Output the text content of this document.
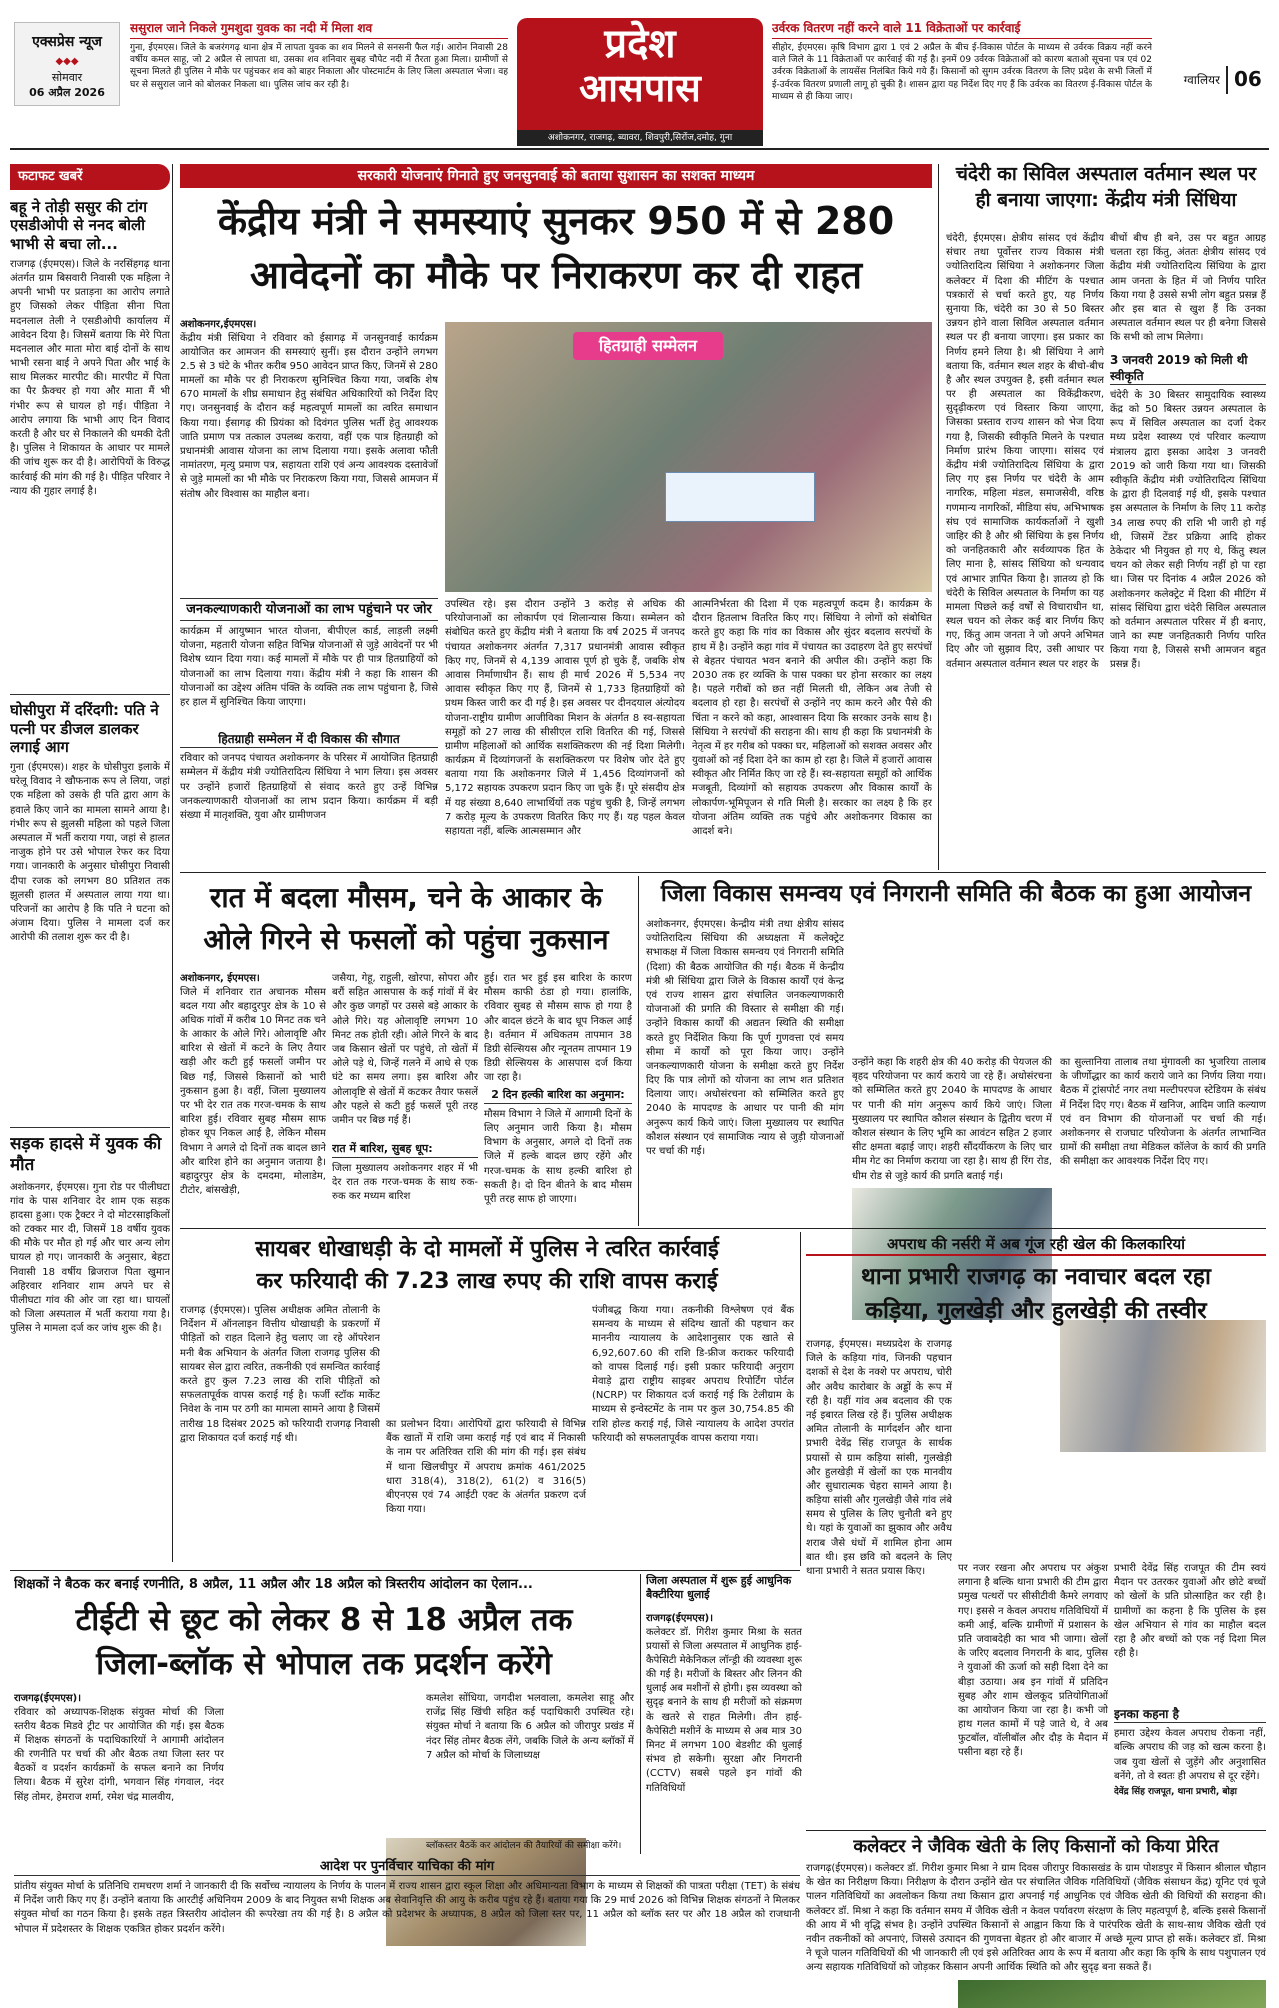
एक्सप्रेस न्यूज
◆◆◆
सोमवार
06 अप्रैल 2026
ससुराल जाने निकले गुमशुदा युवक का नदी में मिला शव
गुना, ईएमएस। जिले के बजरंगगढ़ थाना क्षेत्र में लापता युवक का शव मिलने से सनसनी फैल गई। आरोन निवासी 28 वर्षीय कमल साहू, जो 2 अप्रैल से लापता था, उसका शव शनिवार सुबह चौपेट नदी में तैरता हुआ मिला। ग्रामीणों से सूचना मिलते ही पुलिस ने मौके पर पहुंचकर शव को बाहर निकाला और पोस्टमार्टम के लिए जिला अस्पताल भेजा। वह घर से ससुराल जाने को बोलकर निकला था। पुलिस जांच कर रही है।
प्रदेश
आसपास
अशोकनगर, राजगढ़, ब्यावरा, शिवपुरी,सिरोंज,दमोह, गुना
उर्वरक वितरण नहीं करने वाले 11 विक्रेताओं पर कार्रवाई
सीहोर, ईएमएस। कृषि विभाग द्वारा 1 एवं 2 अप्रैल के बीच ई-विकास पोर्टल के माध्यम से उर्वरक विक्रय नहीं करने वाले जिले के 11 विक्रेताओं पर कार्रवाई की गई है। इनमें 09 उर्वरक विक्रेताओं को कारण बताओ सूचना पत्र एवं 02 उर्वरक विक्रेताओं के लायसेंस निलंबित किये गये हैं। किसानों को सुगम उर्वरक वितरण के लिए प्रदेश के सभी जिलों में ई-उर्वरक वितरण प्रणाली लागू हो चुकी है। शासन द्वारा यह निर्देश दिए गए हैं कि उर्वरक का वितरण ई-विकास पोर्टल के माध्यम से ही किया जाए।
ग्वालियर 06
फटाफट खबरें
बहू ने तोड़ी ससुर की टांग एसडीओपी से ननद बोली भाभी से बचा लो...
राजगढ़ (ईएमएस)। जिले के नरसिंहगढ़ थाना अंतर्गत ग्राम बिसवारी निवासी एक महिला ने अपनी भाभी पर प्रताड़ना का आरोप लगाते हुए जिसको लेकर पीड़िता सीना पिता मदनलाल तेली ने एसडीओपी कार्यालय में आवेदन दिया है। जिसमें बताया कि मेरे पिता मदनलाल और माता मोरा बाई दोनों के साथ भाभी रसना बाई ने अपने पिता और भाई के साथ मिलकर मारपीट की। मारपीट में पिता का पैर फ्रैक्चर हो गया और माता मैं भी गंभीर रूप से घायल हो गई। पीड़िता ने आरोप लगाया कि भाभी आए दिन विवाद करती है और घर से निकालने की धमकी देती है। पुलिस ने शिकायत के आधार पर मामले की जांच शुरू कर दी है। आरोपियों के विरुद्ध कार्रवाई की मांग की गई है। पीड़ित परिवार ने न्याय की गुहार लगाई है।
घोसीपुरा में दरिंदगी: पति ने पत्नी पर डीजल डालकर लगाई आग
गुना (ईएमएस)। शहर के घोसीपुरा इलाके में घरेलू विवाद ने खौफनाक रूप ले लिया, जहां एक महिला को उसके ही पति द्वारा आग के हवाले किए जाने का मामला सामने आया है। गंभीर रूप से झुलसी महिला को पहले जिला अस्पताल में भर्ती कराया गया, जहां से हालत नाजुक होने पर उसे भोपाल रेफर कर दिया गया। जानकारी के अनुसार घोसीपुरा निवासी दीपा रजक को लगभग 80 प्रतिशत तक झुलसी हालत में अस्पताल लाया गया था। परिजनों का आरोप है कि पति ने घटना को अंजाम दिया। पुलिस ने मामला दर्ज कर आरोपी की तलाश शुरू कर दी है।
सड़क हादसे में युवक की मौत
अशोकनगर, ईएमएस। गुना रोड पर पीलीघटा गांव के पास शनिवार देर शाम एक सड़क हादसा हुआ। एक ट्रैक्टर ने दो मोटरसाइकिलों को टक्कर मार दी, जिसमें 18 वर्षीय युवक की मौके पर मौत हो गई और चार अन्य लोग घायल हो गए। जानकारी के अनुसार, बेहटा निवासी 18 वर्षीय ब्रिजराज पिता खुमान अहिरवार शनिवार शाम अपने घर से पीलीघटा गांव की ओर जा रहा था। घायलों को जिला अस्पताल में भर्ती कराया गया है। पुलिस ने मामला दर्ज कर जांच शुरू की है।
सरकारी योजनाएं गिनाते हुए जनसुनवाई को बताया सुशासन का सशक्त माध्यम
केंद्रीय मंत्री ने समस्याएं सुनकर 950 में से 280
आवेदनों का मौके पर निराकरण कर दी राहत
अशोकनगर,ईएमएस।
केंद्रीय मंत्री सिंधिया ने रविवार को ईसागढ़ में जनसुनवाई कार्यक्रम आयोजित कर आमजन की समस्याएं सुनीं। इस दौरान उन्होंने लगभग 2.5 से 3 घंटे के भीतर करीब 950 आवेदन प्राप्त किए, जिनमें से 280 मामलों का मौके पर ही निराकरण सुनिश्चित किया गया, जबकि शेष 670 मामलों के शीघ्र समाधान हेतु संबंधित अधिकारियों को निर्देश दिए गए। जनसुनवाई के दौरान कई महत्वपूर्ण मामलों का त्वरित समाधान किया गया। ईसागढ़ की प्रियंका को दिवंगत पुलिस भर्ती हेतु आवश्यक जाति प्रमाण पत्र तत्काल उपलब्ध कराया, वहीं एक पात्र हितग्राही को प्रधानमंत्री आवास योजना का लाभ दिलाया गया। इसके अलावा फौती नामांतरण, मृत्यु प्रमाण पत्र, सहायता राशि एवं अन्य आवश्यक दस्तावेजों से जुड़े मामलों का भी मौके पर निराकरण किया गया, जिससे आमजन में संतोष और विश्वास का माहौल बना।
जनकल्याणकारी योजनाओं का लाभ पहुंचाने पर जोर
कार्यक्रम में आयुष्मान भारत योजना, बीपीएल कार्ड, लाड़ली लक्ष्मी योजना, महतारी योजना सहित विभिन्न योजनाओं से जुड़े आवेदनों पर भी विशेष ध्यान दिया गया। कई मामलों में मौके पर ही पात्र हितग्राहियों को योजनाओं का लाभ दिलाया गया। केंद्रीय मंत्री ने कहा कि शासन की योजनाओं का उद्देश्य अंतिम पंक्ति के व्यक्ति तक लाभ पहुंचाना है, जिसे हर हाल में सुनिश्चित किया जाएगा।
हितग्राही सम्मेलन में दी विकास की सौगात
रविवार को जनपद पंचायत अशोकनगर के परिसर में आयोजित हितग्राही सम्मेलन में केंद्रीय मंत्री ज्योतिरादित्य सिंधिया ने भाग लिया। इस अवसर पर उन्होंने हजारों हितग्राहियों से संवाद करते हुए उन्हें विभिन्न जनकल्याणकारी योजनाओं का लाभ प्रदान किया। कार्यक्रम में बड़ी संख्या में मातृशक्ति, युवा और ग्रामीणजन
हितग्राही सम्मेलन
उपस्थित रहे। इस दौरान उन्होंने 3 करोड़ से अधिक की परियोजनाओं का लोकार्पण एवं शिलान्यास किया। सम्मेलन को संबोधित करते हुए केंद्रीय मंत्री ने बताया कि वर्ष 2025 में जनपद पंचायत अशोकनगर अंतर्गत 7,317 प्रधानमंत्री आवास स्वीकृत किए गए, जिनमें से 4,139 आवास पूर्ण हो चुके हैं, जबकि शेष आवास निर्माणाधीन हैं। साथ ही मार्च 2026 में 5,534 नए आवास स्वीकृत किए गए हैं, जिनमें से 1,733 हितग्राहियों को प्रथम किस्त जारी कर दी गई है। इस अवसर पर दीनदयाल अंत्योदय योजना-राष्ट्रीय ग्रामीण आजीविका मिशन के अंतर्गत 8 स्व-सहायता समूहों को 27 लाख की सीसीएल राशि वितरित की गई, जिससे ग्रामीण महिलाओं को आर्थिक सशक्तिकरण की नई दिशा मिलेगी। कार्यक्रम में दिव्यांगजनों के सशक्तिकरण पर विशेष जोर देते हुए बताया गया कि अशोकनगर जिले में 1,456 दिव्यांगजनों को 5,172 सहायक उपकरण प्रदान किए जा चुके हैं। पूरे संसदीय क्षेत्र में यह संख्या 8,640 लाभार्थियों तक पहुंच चुकी है, जिन्हें लगभग 7 करोड़ मूल्य के उपकरण वितरित किए गए हैं। यह पहल केवल सहायता नहीं, बल्कि आत्मसम्मान और
आत्मनिर्भरता की दिशा में एक महत्वपूर्ण कदम है। कार्यक्रम के दौरान हितलाभ वितरित किए गए। सिंधिया ने लोगों को संबोधित करते हुए कहा कि गांव का विकास और सुंदर बदलाव सरपंचों के हाथ में है। उन्होंने कहा गांव में पंचायत का उदाहरण देते हुए सरपंचों से बेहतर पंचायत भवन बनाने की अपील की। उन्होंने कहा कि 2030 तक हर व्यक्ति के पास पक्का घर होना सरकार का लक्ष्य है। पहले गरीबों को छत नहीं मिलती थी, लेकिन अब तेजी से बदलाव हो रहा है। सरपंचों से उन्होंने नए काम करने और पैसे की चिंता न करने को कहा, आश्वासन दिया कि सरकार उनके साथ है। सिंधिया ने सरपंचों की सराहना की। साथ ही कहा कि प्रधानमंत्री के नेतृत्व में हर गरीब को पक्का घर, महिलाओं को सशक्त अवसर और युवाओं को नई दिशा देने का काम हो रहा है। जिले में हजारों आवास स्वीकृत और निर्मित किए जा रहे हैं। स्व-सहायता समूहों को आर्थिक मजबूती, दिव्यांगों को सहायक उपकरण और विकास कार्यों के लोकार्पण-भूमिपूजन से गति मिली है। सरकार का लक्ष्य है कि हर योजना अंतिम व्यक्ति तक पहुंचे और अशोकनगर विकास का आदर्श बने।
चंदेरी का सिविल अस्पताल वर्तमान स्थल पर ही बनाया जाएगा: केंद्रीय मंत्री सिंधिया
चंदेरी, ईएमएस। क्षेत्रीय सांसद एवं केंद्रीय संचार तथा पूर्वोत्तर राज्य विकास मंत्री ज्योतिरादित्य सिंधिया ने अशोकनगर जिला कलेक्टर में दिशा की मीटिंग के पश्चात पत्रकारों से चर्चा करते हुए, यह निर्णय सुनाया कि, चंदेरी का 30 से 50 बिस्तर उन्नयन होने वाला सिविल अस्पताल वर्तमान स्थल पर ही बनाया जाएगा। इस प्रकार का निर्णय हमने लिया है। श्री सिंधिया ने आगे बताया कि, वर्तमान स्थल शहर के बीचो-बीच है और स्थल उपयुक्त है, इसी वर्तमान स्थल पर ही अस्पताल का विकेंद्रीकरण, सुदृढ़ीकरण एवं विस्तार किया जाएगा, जिसका प्रस्ताव राज्य शासन को भेज दिया गया है, जिसकी स्वीकृति मिलने के पश्चात निर्माण प्रारंभ किया जाएगा। सांसद एवं केंद्रीय मंत्री ज्योतिरादित्य सिंधिया के द्वारा लिए गए इस निर्णय पर चंदेरी के आम नागरिक, महिला मंडल, समाजसेवी, वरिष्ठ गणमान्य नागरिकों, मीडिया संघ, अभिभाषक संघ एवं सामाजिक कार्यकर्ताओं ने खुशी जाहिर की है और श्री सिंधिया के इस निर्णय को जनहितकारी और सर्वव्यापक हित के लिए माना है, सांसद सिंधिया को धन्यवाद एवं आभार ज्ञापित किया है। ज्ञातव्य हो कि चंदेरी के सिविल अस्पताल के निर्माण का यह मामला पिछले कई वर्षों से विचाराधीन था, स्थल चयन को लेकर कई बार निर्णय किए गए, किंतु आम जनता ने जो अपने अभिमत दिए और जो सुझाव दिए, उसी आधार पर वर्तमान अस्पताल वर्तमान स्थल पर शहर के
बीचों बीच ही बने, उस पर बहुत आग्रह चलता रहा किंतु, अंततः क्षेत्रीय सांसद एवं केंद्रीय मंत्री ज्योतिरादित्य सिंधिया के द्वारा आम जनता के हित में जो निर्णय पारित किया गया है उससे सभी लोग बहुत प्रसन्न हैं और इस बात से खुश हैं कि उनका अस्पताल वर्तमान स्थल पर ही बनेगा जिससे कि सभी को लाभ मिलेगा।
3 जनवरी 2019 को मिली थी स्वीकृति
चंदेरी के 30 बिस्तर सामुदायिक स्वास्थ्य केंद्र को 50 बिस्तर उन्नयन अस्पताल के रूप में सिविल अस्पताल का दर्जा देकर मध्य प्रदेश स्वास्थ्य एवं परिवार कल्याण मंत्रालय द्वारा इसका आदेश 3 जनवरी 2019 को जारी किया गया था। जिसकी स्वीकृति केंद्रीय मंत्री ज्योतिरादित्य सिंधिया के द्वारा ही दिलवाई गई थी, इसके पश्चात इस अस्पताल के निर्माण के लिए 11 करोड़ 34 लाख रुपए की राशि भी जारी हो गई थी, जिसमें टेंडर प्रक्रिया आदि होकर ठेकेदार भी नियुक्त हो गए थे, किंतु स्थल चयन को लेकर सही निर्णय नहीं हो पा रहा था। जिस पर दिनांक 4 अप्रैल 2026 को अशोकनगर कलेक्ट्रेट में दिशा की मीटिंग में सांसद सिंधिया द्वारा चंदेरी सिविल अस्पताल को वर्तमान अस्पताल परिसर में ही बनाए, जाने का स्पष्ट जनहितकारी निर्णय पारित किया गया है, जिससे सभी आमजन बहुत प्रसन्न हैं।
रात में बदला मौसम, चने के आकार के
ओले गिरने से फसलों को पहुंचा नुकसान
अशोकनगर, ईएमएस।
जिले में शनिवार रात अचानक मौसम बदल गया और बहादुरपुर क्षेत्र के 10 से अधिक गांवों में करीब 10 मिनट तक चने के आकार के ओले गिरे। ओलावृष्टि और बारिश से खेतों में कटने के लिए तैयार खड़ी और कटी हुई फसलों जमीन पर बिछ गईं, जिससे किसानों को भारी नुकसान हुआ है। वहीं, जिला मुख्यालय पर भी देर रात तक गरज-चमक के साथ बारिश हुई। रविवार सुबह मौसम साफ होकर धूप निकल आई है, लेकिन मौसम विभाग ने अगले दो दिनों तक बादल छाने और बारिश होने का अनुमान जताया है। बहादुरपुर क्षेत्र के दमदमा, मोलाडेम, टीटोर, बांसखेड़ी,
जसैया, गेहू, राहुली, खोरपा, सोपरा और बरौं सहित आसपास के कई गांवों में बेर और कुछ जगहों पर उससे बड़े आकार के ओले गिरे। यह ओलावृष्टि लगभग 10 मिनट तक होती रही। ओले गिरने के बाद जब किसान खेतों पर पहुंचे, तो खेतों में ओले पड़े थे, जिन्हें गलने में आधे से एक घंटे का समय लगा। इस बारिश और ओलावृष्टि से खेतों में कटकर तैयार फसलें और पहले से कटी हुई फसलें पूरी तरह जमीन पर बिछ गई हैं।
रात में बारिश, सुबह धूप:
जिला मुख्यालय अशोकनगर शहर में भी देर रात तक गरज-चमक के साथ रुक-रुक कर मध्यम बारिश
हुई। रात भर हुई इस बारिश के कारण मौसम काफी ठंडा हो गया। हालांकि, रविवार सुबह से मौसम साफ हो गया है और बादल छंटने के बाद धूप निकल आई है। वर्तमान में अधिकतम तापमान 38 डिग्री सेल्सियस और न्यूनतम तापमान 19 डिग्री सेल्सियस के आसपास दर्ज किया जा रहा है।
2 दिन हल्की बारिश का अनुमान:
मौसम विभाग ने जिले में आगामी दिनों के लिए अनुमान जारी किया है। मौसम विभाग के अनुसार, अगले दो दिनों तक जिले में हल्के बादल छाए रहेंगे और गरज-चमक के साथ हल्की बारिश हो सकती है। दो दिन बीतने के बाद मौसम पूरी तरह साफ हो जाएगा।
जिला विकास समन्वय एवं निगरानी समिति की बैठक का हुआ आयोजन
अशोकनगर, ईएमएस। केन्द्रीय मंत्री तथा क्षेत्रीय सांसद ज्योतिरादित्य सिंधिया की अध्यक्षता में कलेक्ट्रेट सभाकक्ष में जिला विकास समन्वय एवं निगरानी समिति (दिशा) की बैठक आयोजित की गई। बैठक में केन्द्रीय मंत्री श्री सिंधिया द्वारा जिले के विकास कार्यों एवं केन्द्र एवं राज्य शासन द्वारा संचालित जनकल्याणकारी योजनाओं की प्रगति की विस्तार से समीक्षा की गई। उन्होंने विकास कार्यों की अद्यतन स्थिति की समीक्षा करते हुए निर्देशित किया कि पूर्ण गुणवत्ता एवं समय सीमा में कार्यों को पूरा किया जाए। उन्होंने जनकल्याणकारी योजना के समीक्षा करते हुए निर्देश दिए कि पात्र लोगों को योजना का लाभ शत प्रतिशत दिलाया जाए। अधोसंरचना को सम्मिलित करते हुए 2040 के मापदण्ड के आधार पर पानी की मांग अनुरूप कार्य किये जाएं। जिला मुख्यालय पर स्थापित कौशल संस्थान एवं सामाजिक न्याय से जुड़ी योजनाओं पर चर्चा की गई।
उन्होंने कहा कि शहरी क्षेत्र की 40 करोड़ की पेयजल की बृहद परियोजना पर कार्य कराये जा रहे हैं। अधोसंरचना को सम्मिलित करते हुए 2040 के मापदण्ड के आधार पर पानी की मांग अनुरूप कार्य किये जाएं। जिला मुख्यालय पर स्थापित कौशल संस्थान के द्वितीय चरण में कौशल संस्थान के लिए भूमि का आवंटन सहित 2 हजार सीट क्षमता बढ़ाई जाए। शहरी सौंदर्यीकरण के लिए चार मीम गेट का निर्माण कराया जा रहा है। साथ ही रिंग रोड, धीम रोड से जुड़े कार्य की प्रगति बताई गई।
का सुल्तानिया तालाब तथा मुंगावली का भुजरिया तालाब के जीर्णोद्धार का कार्य कराये जाने का निर्णय लिया गया। बैठक में ट्रांसपोर्ट नगर तथा मल्टीपरपज स्टेडियम के संबंध में निर्देश दिए गए। बैठक में खनिज, आदिम जाति कल्याण एवं वन विभाग की योजनाओं पर चर्चा की गई। अशोकनगर से राजघाट परियोजना के अंतर्गत लाभान्वित ग्रामों की समीक्षा तथा मेडिकल कॉलेज के कार्य की प्रगति की समीक्षा कर आवश्यक निर्देश दिए गए।
सायबर धोखाधड़ी के दो मामलों में पुलिस ने त्वरित कार्रवाई
कर फरियादी की 7.23 लाख रुपए की राशि वापस कराई
राजगढ़ (ईएमएस)। पुलिस अधीक्षक अमित तोलानी के निर्देशन में ऑनलाइन वित्तीय धोखाधड़ी के प्रकरणों में पीड़ितों को राहत दिलाने हेतु चलाए जा रहे ऑपरेशन मनी बैक अभियान के अंतर्गत जिला राजगढ़ पुलिस की सायबर सेल द्वारा त्वरित, तकनीकी एवं समन्वित कार्रवाई करते हुए कुल 7.23 लाख की राशि पीड़ितों को सफलतापूर्वक वापस कराई गई है। फर्जी स्टॉक मार्केट निवेश के नाम पर ठगी का मामला सामने आया है जिसमें तारीख 18 दिसंबर 2025 को फरियादी राजगढ़ निवासी द्वारा शिकायत दर्ज कराई गई थी।
का प्रलोभन दिया। आरोपियों द्वारा फरियादी से विभिन्न बैंक खातों में राशि जमा कराई गई एवं बाद में निकासी के नाम पर अतिरिक्त राशि की मांग की गई। इस संबंध में थाना खिलचीपुर में अपराध क्रमांक 461/2025 धारा 318(4), 318(2), 61(2) व 316(5) बीएनएस एवं 74 आईटी एक्ट के अंतर्गत प्रकरण दर्ज किया गया।
पंजीबद्ध किया गया। तकनीकी विश्लेषण एवं बैंक समन्वय के माध्यम से संदिग्ध खातों की पहचान कर माननीय न्यायालय के आदेशानुसार एक खाते से 6,92,607.60 की राशि डि-फ्रीज कराकर फरियादी को वापस दिलाई गई। इसी प्रकार फरियादी अनुराग मेवाड़े द्वारा राष्ट्रीय साइबर अपराध रिपोर्टिंग पोर्टल (NCRP) पर शिकायत दर्ज कराई गई कि टेलीग्राम के माध्यम से इन्वेस्टमेंट के नाम पर कुल 30,754.85 की राशि होल्ड कराई गई, जिसे न्यायालय के आदेश उपरांत फरियादी को सफलतापूर्वक वापस कराया गया।
अपराध की नर्सरी में अब गूंज रही खेल की किलकारियां
थाना प्रभारी राजगढ़ का नवाचार बदल रहा
कड़िया, गुलखेड़ी और हुलखेड़ी की तस्वीर
राजगढ़, ईएमएस। मध्यप्रदेश के राजगढ़ जिले के कड़िया गांव, जिनकी पहचान दशकों से देश के नक्शे पर अपराध, चोरी और अवैध कारोबार के अड्डों के रूप में रही है। यहीं गांव अब बदलाव की एक नई इबारत लिख रहे हैं। पुलिस अधीक्षक अमित तोलानी के मार्गदर्शन और थाना प्रभारी देवेंद्र सिंह राजपूत के सार्थक प्रयासों से ग्राम कड़िया सांसी, गुलखेड़ी और हुलखेड़ी में खेलों का एक मानवीय और सुधारात्मक चेहरा सामने आया है। कड़िया सांसी और गुलखेड़ी जैसे गांव लंबे समय से पुलिस के लिए चुनौती बने हुए थे। यहां के युवाओं का झुकाव और अवैध शराब जैसे धंधों में शामिल होना आम बात थी। इस छवि को बदलने के लिए थाना प्रभारी ने सतत प्रयास किए।	पर नजर रखना और अपराध पर अंकुश लगाना है बल्कि थाना प्रभारी की टीम द्वारा प्रमुख पत्थरों पर सीसीटीवी कैमरे लगवाए गए। इससे न केवल अपराध गतिविधियों में कमी आई, बल्कि ग्रामीणों में प्रशासन के प्रति जवाबदेही का भाव भी जागा। खेलों के जरिए बदलाव निगरानी के बाद, पुलिस ने युवाओं की ऊर्जा को सही दिशा देने का बीड़ा उठाया। अब इन गांवों में प्रतिदिन सुबह और शाम खेलकूद प्रतियोगिताओं का आयोजन किया जा रहा है। कभी जो हाथ गलत कामों में पड़े जाते थे, वे अब फुटबॉल, वॉलीबॉल और दौड़ के मैदान में पसीना बहा रहे हैं।
प्रभारी देवेंद्र सिंह राजपूत की टीम स्वयं मैदान पर उतरकर युवाओं और छोटे बच्चों को खेलों के प्रति प्रोत्साहित कर रही है। ग्रामीणों का कहना है कि पुलिस के इस खेल अभियान से गांव का माहौल बदल रहा है और बच्चों को एक नई दिशा मिल रही है।
इनका कहना है
हमारा उद्देश्य केवल अपराध रोकना नहीं, बल्कि अपराध की जड़ को खत्म करना है। जब युवा खेलों से जुड़ेंगे और अनुशासित बनेंगे, तो वे स्वतः ही अपराध से दूर रहेंगे।
देवेंद्र सिंह राजपूत, थाना प्रभारी, बोड़ा
शिक्षकों ने बैठक कर बनाई रणनीति, 8 अप्रैल, 11 अप्रैल और 18 अप्रैल को त्रिस्तरीय आंदोलन का ऐलान...
टीईटी से छूट को लेकर 8 से 18 अप्रैल तक
जिला-ब्लॉक से भोपाल तक प्रदर्शन करेंगे
राजगढ़(ईएमएस)।
रविवार को अध्यापक-शिक्षक संयुक्त मोर्चा की जिला स्तरीय बैठक मिडवे ट्रीट पर आयोजित की गई। इस बैठक में शिक्षक संगठनों के पदाधिकारियों ने आगामी आंदोलन की रणनीति पर चर्चा की और बैठक तथा जिला स्तर पर बैठकों व प्रदर्शन कार्यक्रमों के सफल बनाने का निर्णय लिया। बैठक में सुरेश दांगी, भगवान सिंह गंगवाल, नंदर सिंह तोमर, हेमराज शर्मा, रमेश चंद्र मालवीय,
कमलेश सोंधिया, जगदीश भलवाला, कमलेश साहू और राजेंद्र सिंह खिंची सहित कई पदाधिकारी उपस्थित रहे। संयुक्त मोर्चा ने बताया कि 6 अप्रैल को जीरापुर प्रखंड में नंदर सिंह तोमर बैठक लेंगे, जबकि जिले के अन्य ब्लॉकों में 7 अप्रैल को मोर्चा के जिलाध्यक्ष
ब्लॉकस्तर बैठकें कर आंदोलन की तैयारियों की समीक्षा करेंगे।
आदेश पर पुनर्विचार याचिका की मांग
प्रांतीय संयुक्त मोर्चा के प्रतिनिधि रामचरण शर्मा ने जानकारी दी कि सर्वोच्च न्यायालय के निर्णय के पालन में राज्य शासन द्वारा स्कूल शिक्षा और अधिमान्यता विभाग के माध्यम से शिक्षकों की पात्रता परीक्षा (TET) के संबंध में निर्देश जारी किए गए हैं। उन्होंने बताया कि आरटीई अधिनियम 2009 के बाद नियुक्त सभी शिक्षक अब सेवानिवृत्ति की आयु के करीब पहुंच रहे हैं। बताया गया कि 29 मार्च 2026 को विभिन्न शिक्षक संगठनों ने मिलकर संयुक्त मोर्चा का गठन किया है। इसके तहत त्रिस्तरीय आंदोलन की रूपरेखा तय की गई है। 8 अप्रैल को प्रदेशभर के अध्यापक, 8 अप्रैल को जिला स्तर पर, 11 अप्रैल को ब्लॉक स्तर पर और 18 अप्रैल को राजधानी भोपाल में प्रदेशस्तर के शिक्षक एकत्रित होकर प्रदर्शन करेंगे।
जिला अस्पताल में शुरू हुई आधुनिक बैक्टीरिया धुलाई
राजगढ़(ईएमएस)।
कलेक्टर डॉ. गिरीश कुमार मिश्रा के सतत प्रयासों से जिला अस्पताल में आधुनिक हाई-कैपेसिटी मेकेनिकल लॉन्ड्री की व्यवस्था शुरू की गई है। मरीजों के बिस्तर और लिनन की धुलाई अब मशीनों से होगी। इस व्यवस्था को सुदृढ़ बनाने के साथ ही मरीजों को संक्रमण के खतरे से राहत मिलेगी। तीन हाई-कैपेसिटी मशीनें के माध्यम से अब मात्र 30 मिनट में लगभग 100 बेडशीट की धुलाई संभव हो सकेगी। सुरक्षा और निगरानी (CCTV) सबसे पहले इन गांवों की गतिविधियों
कलेक्टर ने जैविक खेती के लिए किसानों को किया प्रेरित
राजगढ़(ईएमएस)। कलेक्टर डॉ. गिरीश कुमार मिश्रा ने ग्राम दिवस जीरापुर विकासखंड के ग्राम पोशडपुर में किसान श्रीलाल चौहान के खेत का निरीक्षण किया। निरीक्षण के दौरान उन्होंने खेत पर संचालित जैविक गतिविधियों (जैविक संसाधन केंद्र) यूनिट एवं चूजे पालन गतिविधियों का अवलोकन किया तथा किसान द्वारा अपनाई गई आधुनिक एवं जैविक खेती की विधियों की सराहना की। कलेक्टर डॉ. मिश्रा ने कहा कि वर्तमान समय में जैविक खेती न केवल पर्यावरण संरक्षण के लिए महत्वपूर्ण है, बल्कि इससे किसानों की आय में भी वृद्धि संभव है। उन्होंने उपस्थित किसानों से आह्वान किया कि वे पारंपरिक खेती के साथ-साथ जैविक खेती एवं नवीन तकनीकों को अपनाएं, जिससे उत्पादन की गुणवत्ता बेहतर हो और बाजार में अच्छे मूल्य प्राप्त हो सकें। कलेक्टर डॉ. मिश्रा ने चूजे पालन गतिविधियों की भी जानकारी ली एवं इसे अतिरिक्त आय के रूप में बताया और कहा कि कृषि के साथ पशुपालन एवं अन्य सहायक गतिविधियों को जोड़कर किसान अपनी आर्थिक स्थिति को और सुदृढ़ बना सकते हैं।
